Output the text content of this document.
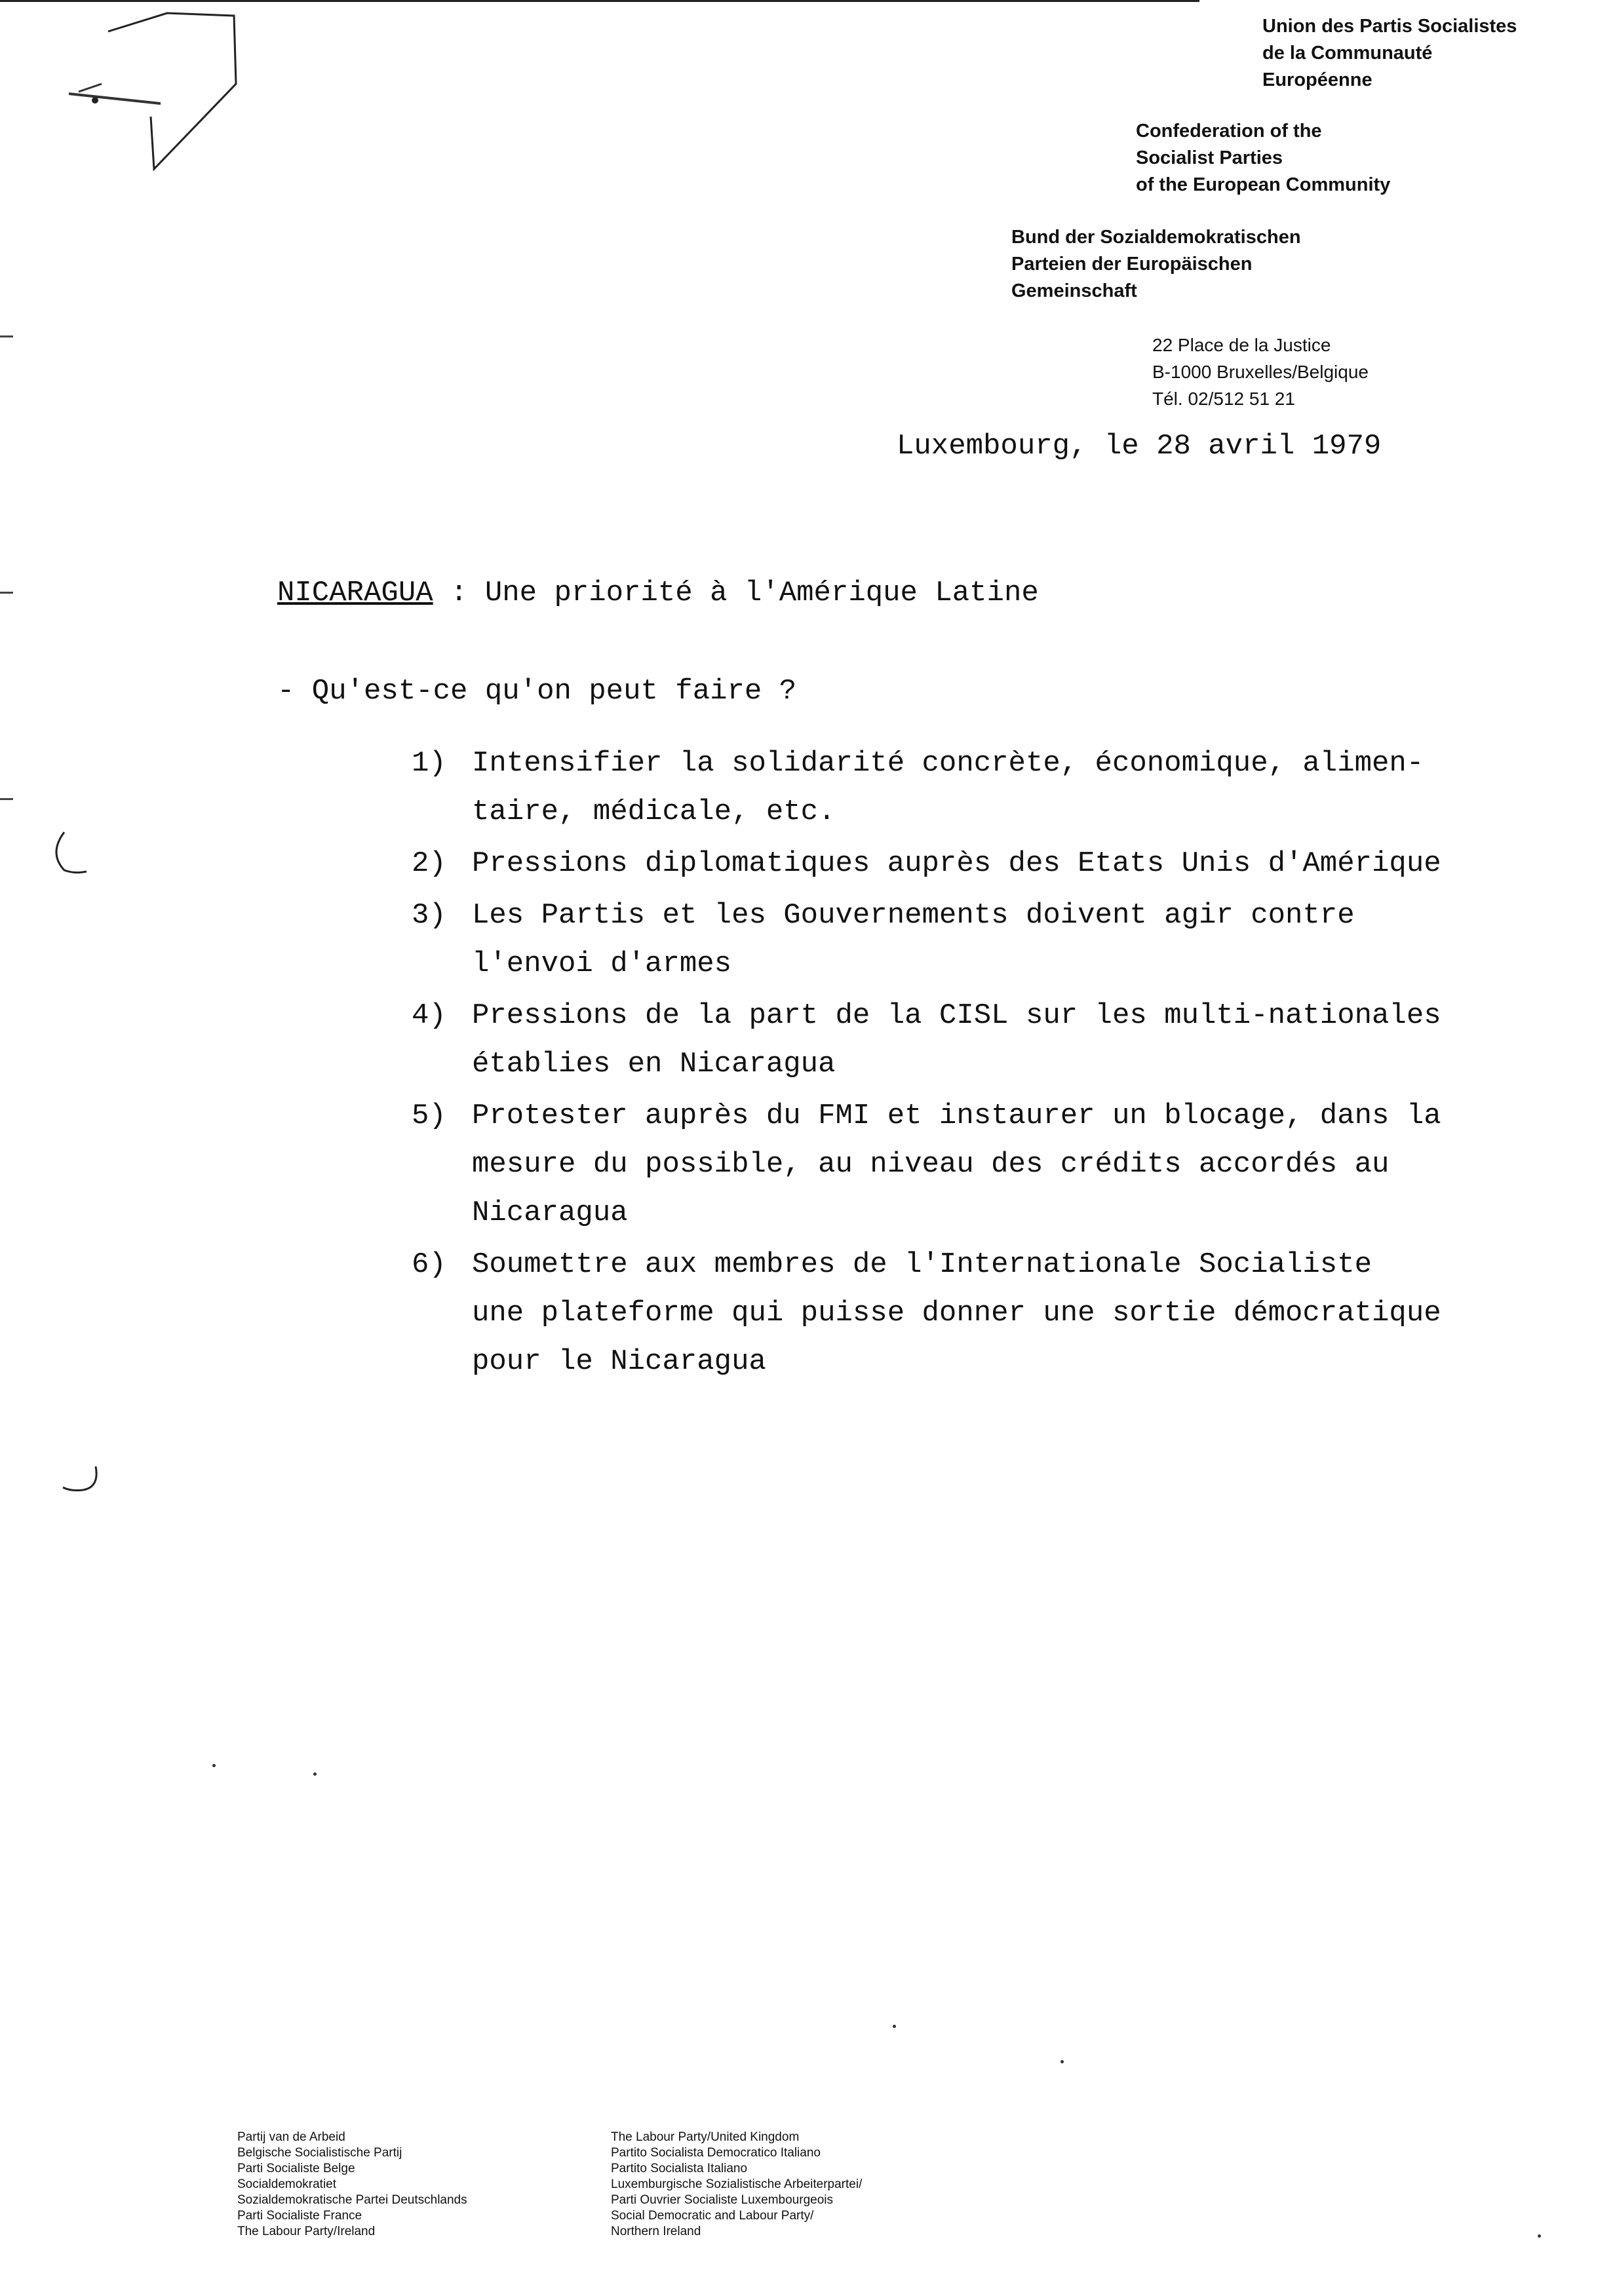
Union des Partis Socialistes
de la Communauté
Européenne
Confederation of the
Socialist Parties
of the European Community
Bund der Sozialdemokratischen
Parteien der Europäischen
Gemeinschaft
22 Place de la Justice
B-1000 Bruxelles/Belgique
Tél. 02/512 51 21
Luxembourg, le 28 avril 1979
NICARAGUA : Une priorité à l'Amérique Latine
- Qu'est-ce qu'on peut faire ?
1) Intensifier la solidarité concrète, économique, alimen-
taire, médicale, etc.
2) Pressions diplomatiques auprès des Etats Unis d'Amérique
3) Les Partis et les Gouvernements doivent agir contre
l'envoi d'armes
4) Pressions de la part de la CISL sur les multi-nationales
établies en Nicaragua
5) Protester auprès du FMI et instaurer un blocage, dans la
mesure du possible, au niveau des crédits accordés au
Nicaragua
6) Soumettre aux membres de l'Internationale Socialiste
une plateforme qui puisse donner une sortie démocratique
pour le Nicaragua
Partij van de Arbeid
Belgische Socialistische Partij
Parti Socialiste Belge
Socialdemokratiet
Sozialdemokratische Partei Deutschlands
Parti Socialiste France
The Labour Party/Ireland
The Labour Party/United Kingdom
Partito Socialista Democratico Italiano
Partito Socialista Italiano
Luxemburgische Sozialistische Arbeiterpartei/
Parti Ouvrier Socialiste Luxembourgeois
Social Democratic and Labour Party/
Northern Ireland
